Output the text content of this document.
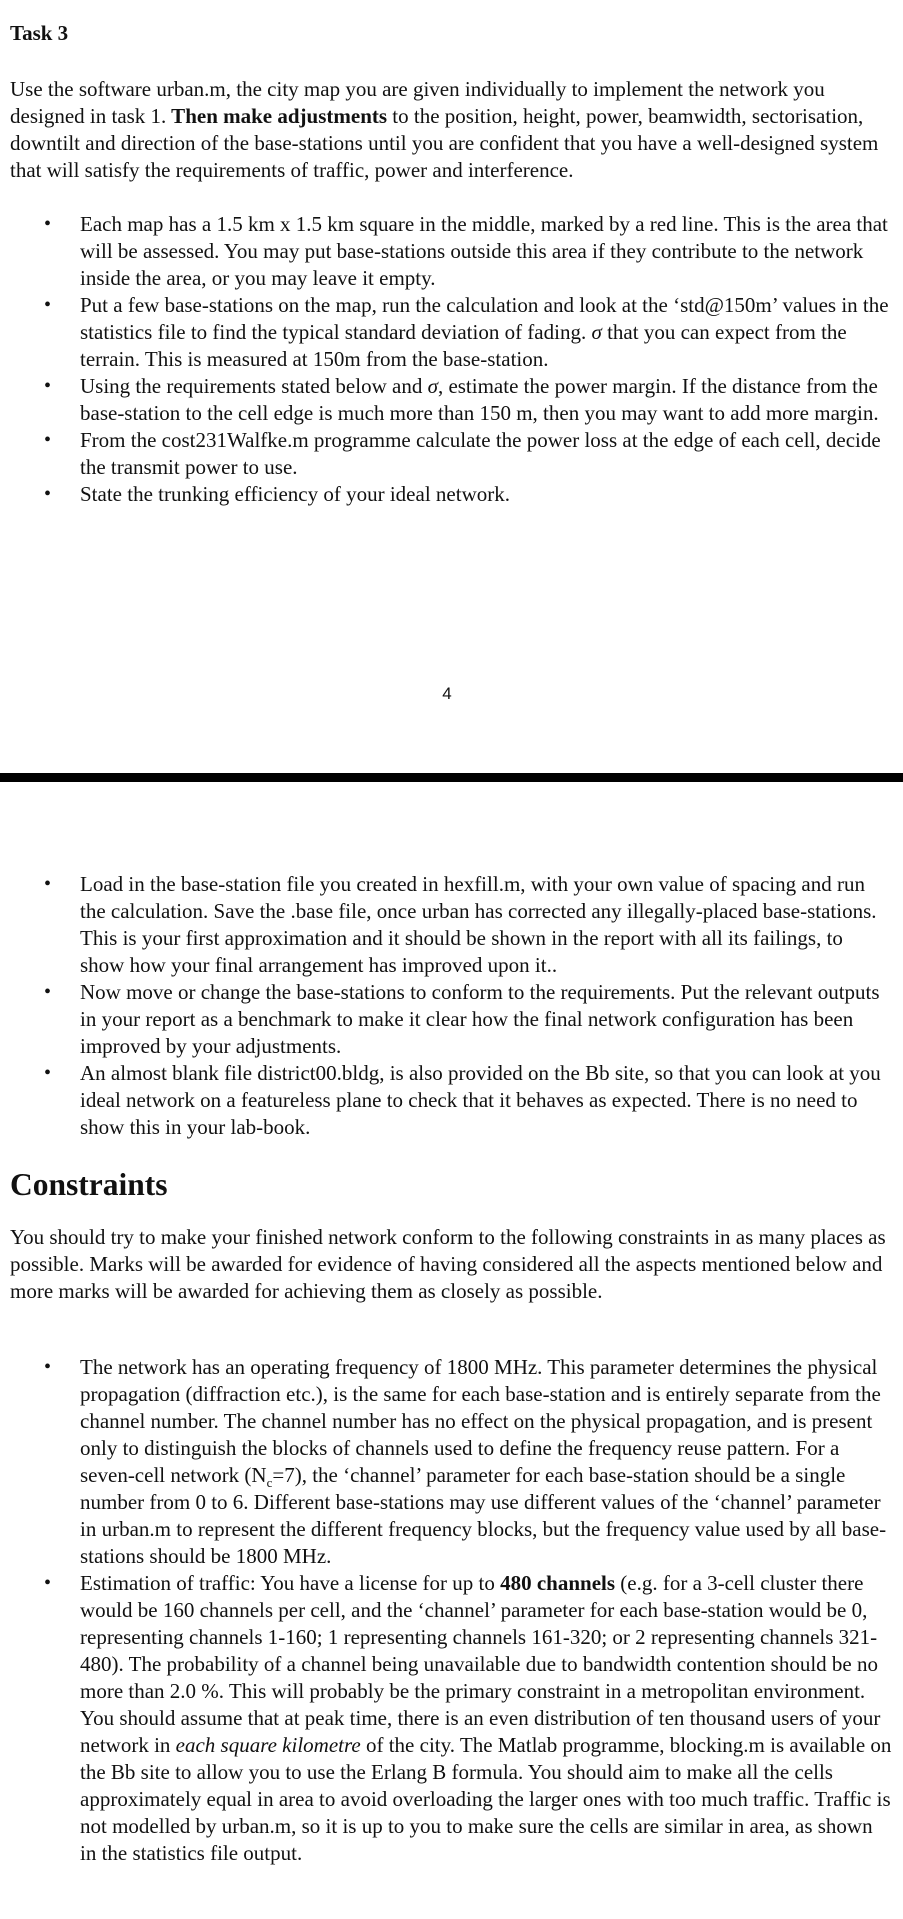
Task 3

Use the software urban.m, the city map you are given individually to implement the network you designed in task 1. Then make adjustments to the position, height, power, beamwidth, sectorisation, downtilt and direction of the base-stations until you are confident that you have a well-designed system that will satisfy the requirements of traffic, power and interference.

• Each map has a 1.5 km x 1.5 km square in the middle, marked by a red line. This is the area that will be assessed. You may put base-stations outside this area if they contribute to the network inside the area, or you may leave it empty.
• Put a few base-stations on the map, run the calculation and look at the ‘std@150m’ values in the statistics file to find the typical standard deviation of fading. σ that you can expect from the terrain. This is measured at 150m from the base-station.
• Using the requirements stated below and σ, estimate the power margin. If the distance from the base-station to the cell edge is much more than 150 m, then you may want to add more margin.
• From the cost231Walfke.m programme calculate the power loss at the edge of each cell, decide the transmit power to use.
• State the trunking efficiency of your ideal network.
4
• Load in the base-station file you created in hexfill.m, with your own value of spacing and run the calculation. Save the .base file, once urban has corrected any illegally-placed base-stations. This is your first approximation and it should be shown in the report with all its failings, to show how your final arrangement has improved upon it..
• Now move or change the base-stations to conform to the requirements. Put the relevant outputs in your report as a benchmark to make it clear how the final network configuration has been improved by your adjustments.
• An almost blank file district00.bldg, is also provided on the Bb site, so that you can look at you ideal network on a featureless plane to check that it behaves as expected. There is no need to show this in your lab-book.
Constraints

You should try to make your finished network conform to the following constraints in as many places as possible. Marks will be awarded for evidence of having considered all the aspects mentioned below and more marks will be awarded for achieving them as closely as possible.

• The network has an operating frequency of 1800 MHz. This parameter determines the physical propagation (diffraction etc.), is the same for each base-station and is entirely separate from the channel number. The channel number has no effect on the physical propagation, and is present only to distinguish the blocks of channels used to define the frequency reuse pattern. For a seven-cell network $(N_c=7)$, the ‘channel’ parameter for each base-station should be a single number from 0 to 6. Different base-stations may use different values of the ‘channel’ parameter in urban.m to represent the different frequency blocks, but the frequency value used by all base-stations should be 1800 MHz.
• Estimation of traffic: You have a license for up to 480 channels (e.g. for a 3-cell cluster there would be 160 channels per cell, and the ‘channel’ parameter for each base-station would be 0, representing channels 1-160; 1 representing channels 161-320; or 2 representing channels 321-480). The probability of a channel being unavailable due to bandwidth contention should be no more than 2.0 %. This will probably be the primary constraint in a metropolitan environment. You should assume that at peak time, there is an even distribution of ten thousand users of your network in each square kilometre of the city. The Matlab programme, blocking.m is available on the Bb site to allow you to use the Erlang B formula. You should aim to make all the cells approximately equal in area to avoid overloading the larger ones with too much traffic. Traffic is not modelled by urban.m, so it is up to you to make sure the cells are similar in area, as shown in the statistics file output.
